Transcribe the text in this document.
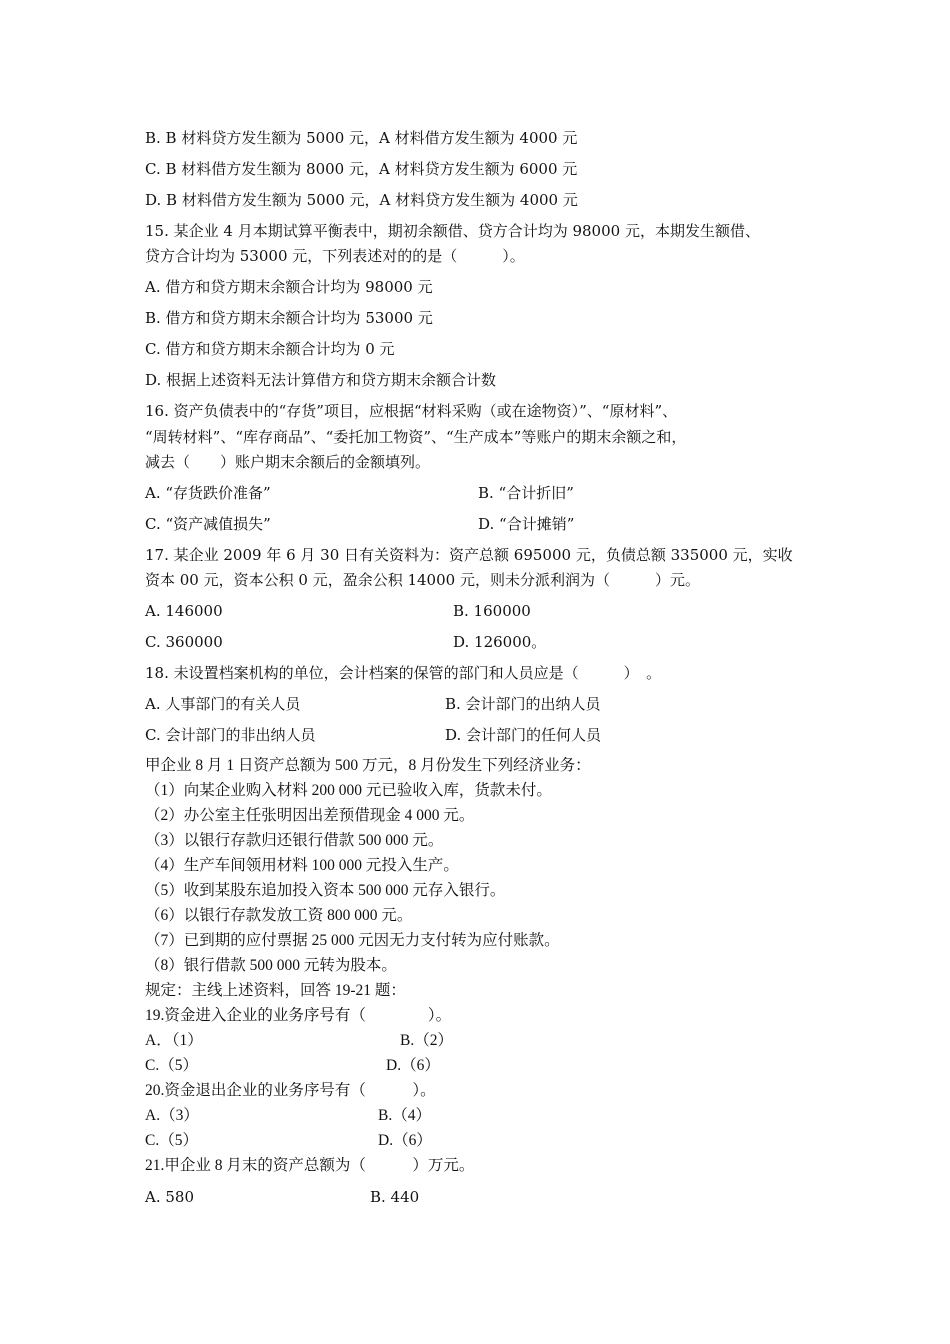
B. B 材料贷方发生额为 5000 元，A 材料借方发生额为 4000 元
C. B 材料借方发生额为 8000 元，A 材料贷方发生额为 6000 元
D. B 材料借方发生额为 5000 元，A 材料贷方发生额为 4000 元
15. 某企业 4 月本期试算平衡表中，期初余额借、贷方合计均为 98000 元，本期发生额借、
贷方合计均为 53000 元，下列表述对的的是（　　　）。
A. 借方和贷方期末余额合计均为 98000 元
B. 借方和贷方期末余额合计均为 53000 元
C. 借方和贷方期末余额合计均为 0 元
D. 根据上述资料无法计算借方和贷方期末余额合计数
16. 资产负债表中的“存货”项目，应根据“材料采购（或在途物资）”、“原材料”、
“周转材料”、“库存商品”、“委托加工物资”、“生产成本”等账户的期末余额之和，
减去（　　）账户期末余额后的金额填列。
A. “存货跌价准备”	B. “合计折旧”
C. “资产减值损失”	D. “合计摊销”
17. 某企业 2009 年 6 月 30 日有关资料为：资产总额 695000 元，负债总额 335000 元，实收
资本 00 元，资本公积 0 元，盈余公积 14000 元，则未分派利润为（　　　）元。
A. 146000	B. 160000
C. 360000	D. 126000。
18. 未设置档案机构的单位，会计档案的保管的部门和人员应是（　　　）　。
A. 人事部门的有关人员	B. 会计部门的出纳人员
C. 会计部门的非出纳人员	D. 会计部门的任何人员
甲企业 8 月 1 日资产总额为 500 万元，8 月份发生下列经济业务：
（1）向某企业购入材料 200 000 元已验收入库，货款未付。
（2）办公室主任张明因出差预借现金 4 000 元。
（3）以银行存款归还银行借款 500 000 元。
（4）生产车间领用材料 100 000 元投入生产。
（5）收到某股东追加投入资本 500 000 元存入银行。
（6）以银行存款发放工资 800 000 元。
（7）已到期的应付票据 25 000 元因无力支付转为应付账款。
（8）银行借款 500 000 元转为股本。
规定：主线上述资料，回答 19-21 题：
19.资金进入企业的业务序号有（　　　　）。
A．（1）	B.（2）
C.（5）	D.（6）
20.资金退出企业的业务序号有（　　　）。
A.（3）	B.（4）
C.（5）	D.（6）
21.甲企业 8 月末的资产总额为（　　　）万元。
A. 580	B. 440
